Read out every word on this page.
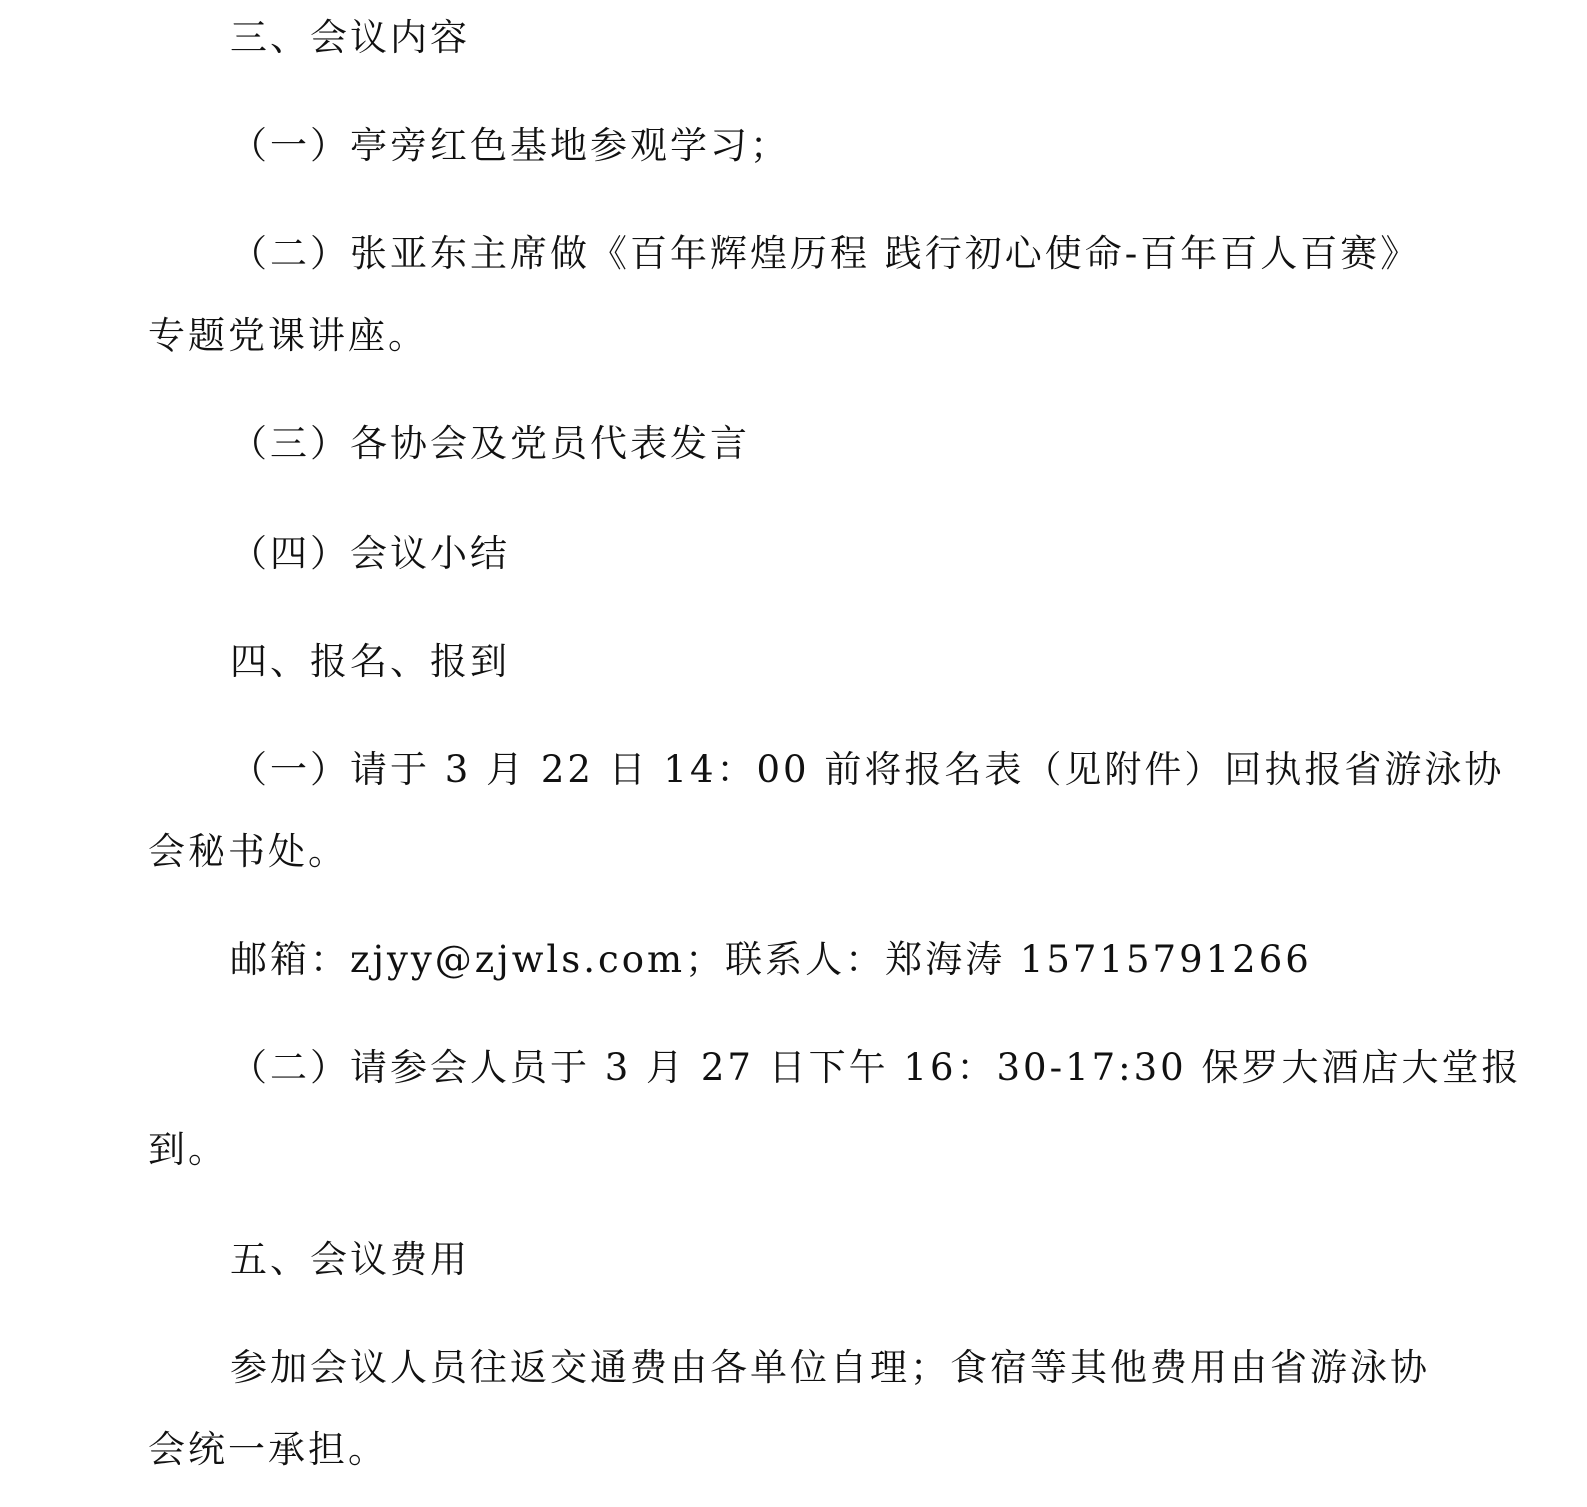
三、会议内容
（一）亭旁红色基地参观学习；
（二）张亚东主席做《百年辉煌历程 践行初心使命-百年百人百赛》
专题党课讲座。
（三）各协会及党员代表发言
（四）会议小结
四、报名、报到
（一）请于 3 月 22 日 14：00 前将报名表（见附件）回执报省游泳协
会秘书处。
邮箱：zjyy@zjwls.com；联系人：郑海涛 15715791266
（二）请参会人员于 3 月 27 日下午 16：30-17:30 保罗大酒店大堂报
到。
五、会议费用
参加会议人员往返交通费由各单位自理；食宿等其他费用由省游泳协
会统一承担。
